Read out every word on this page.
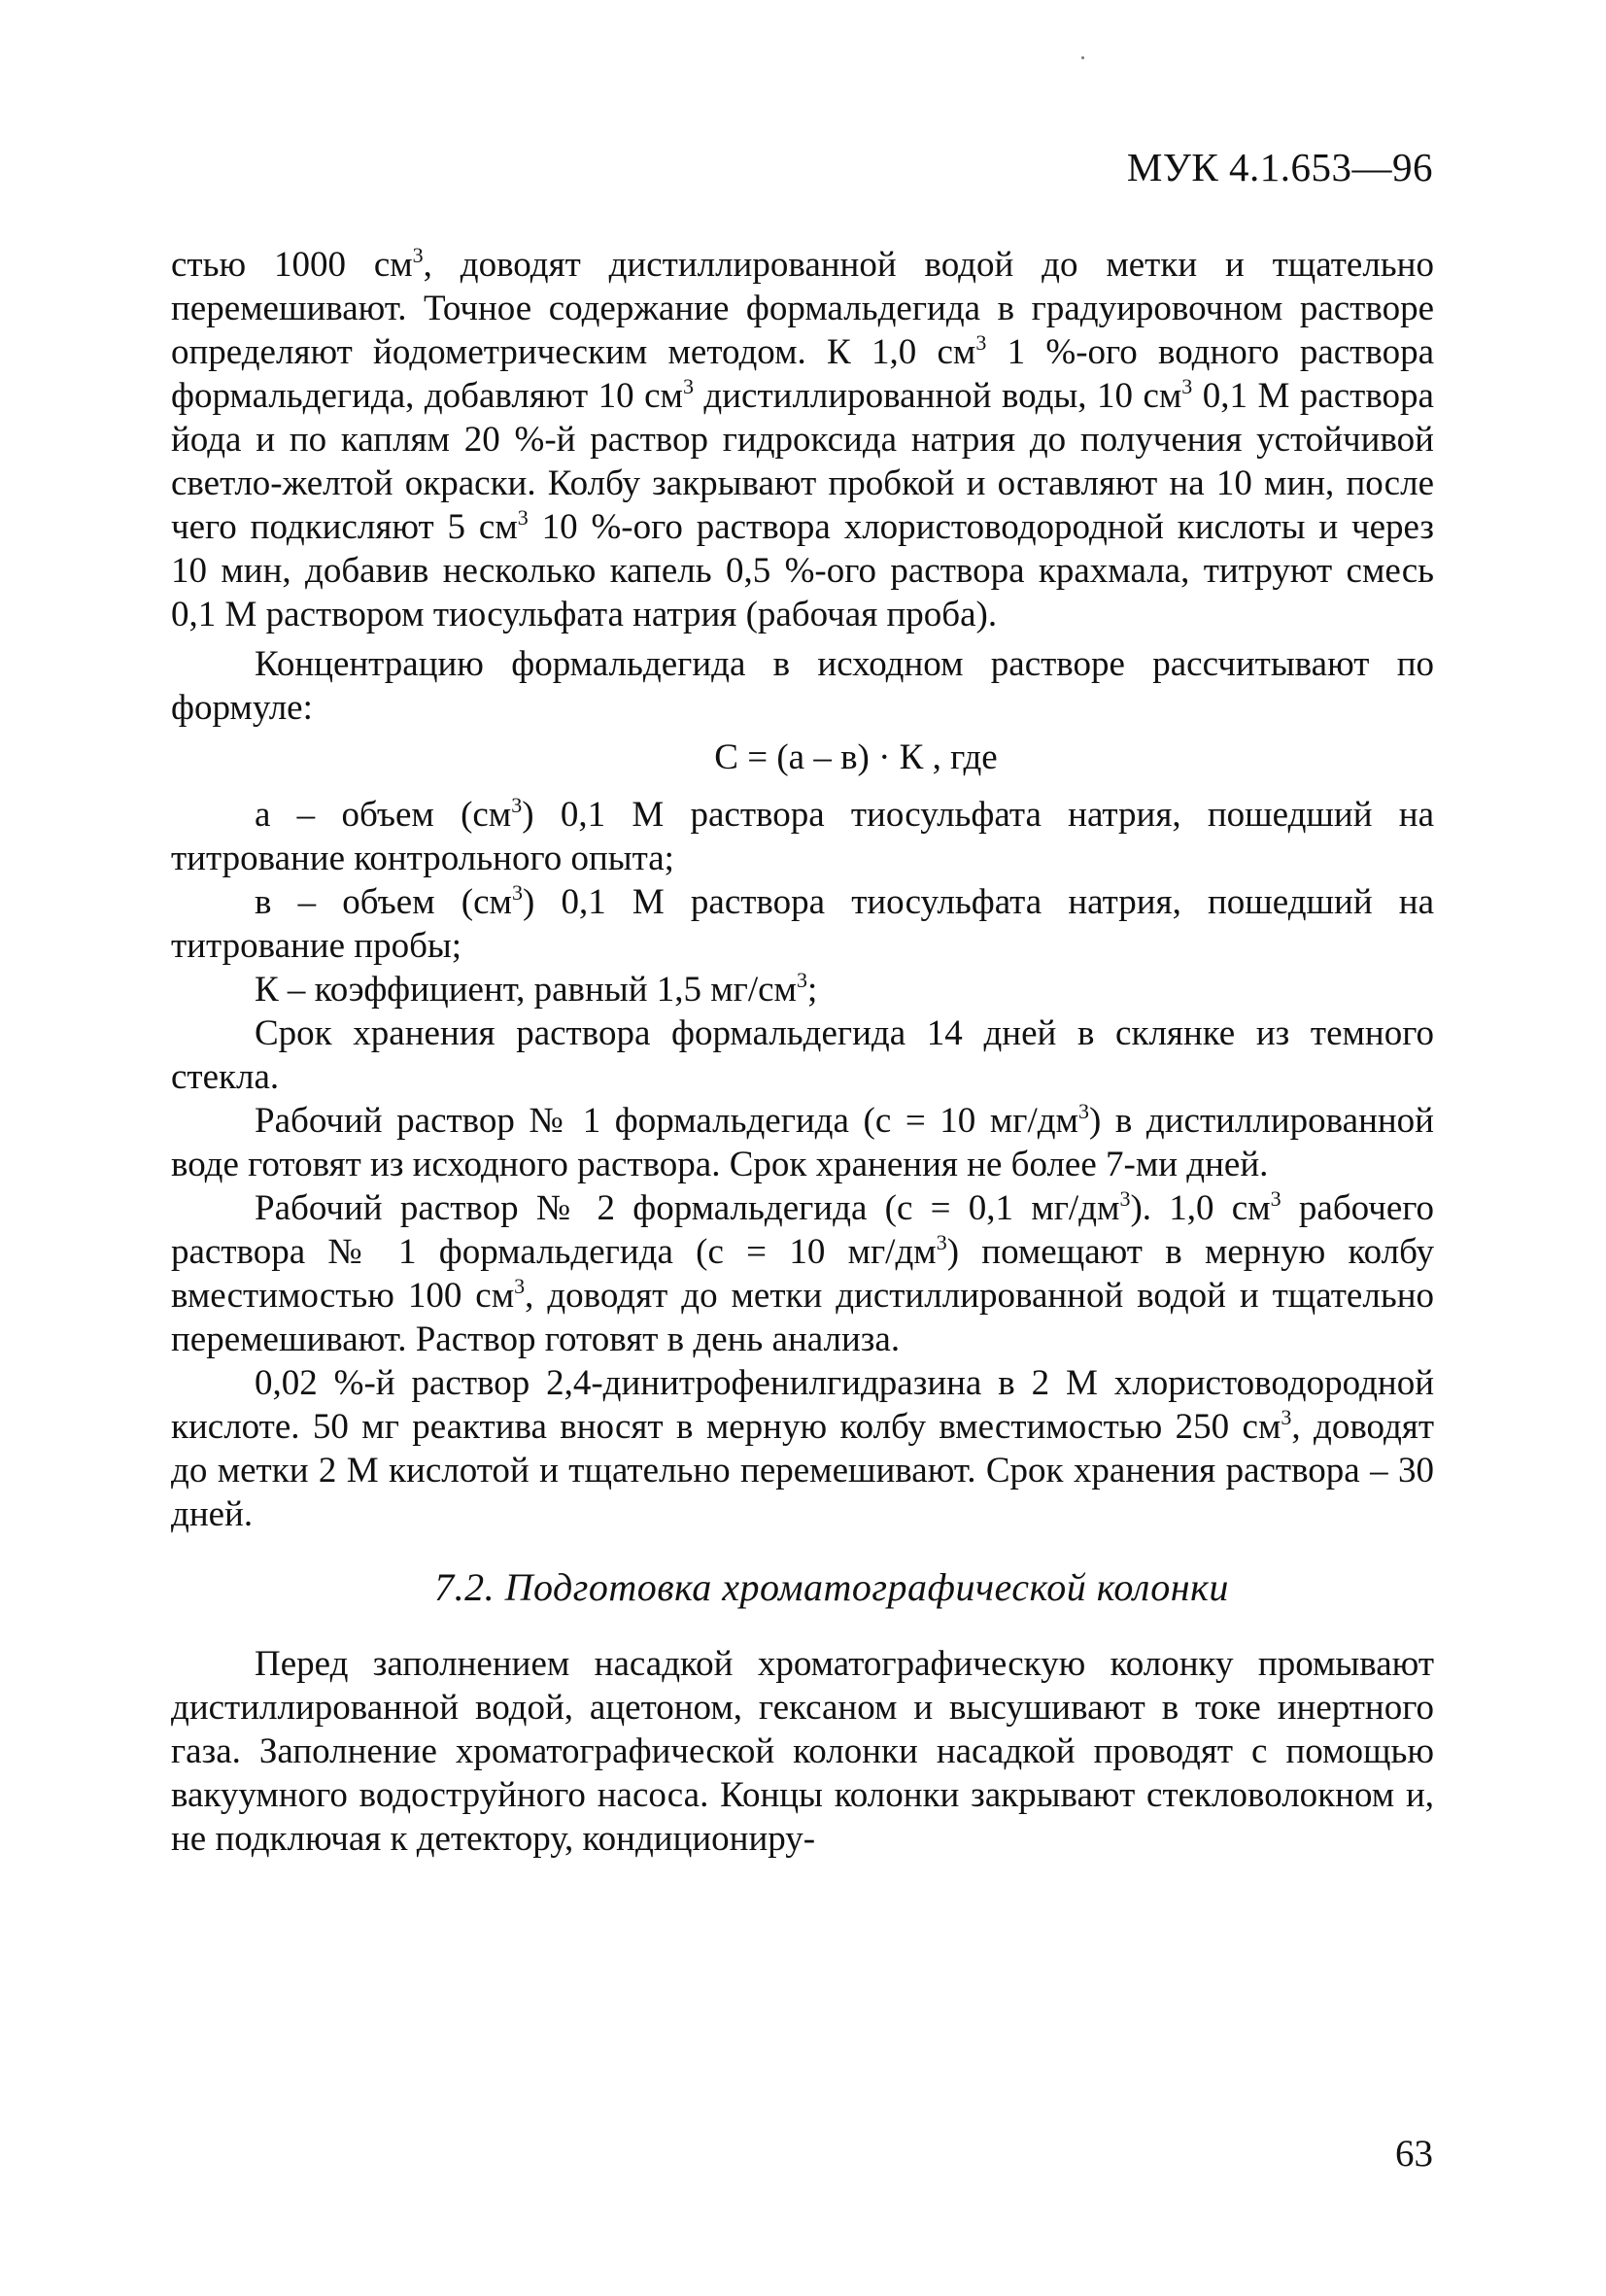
МУК 4.1.653—96

стью 1000 $см^3$, доводят дистиллированной водой до метки и тщательно перемешивают. Точное содержание формальдегида в градуировочном растворе определяют йодометрическим методом. К 1,0 $см^3$ 1 %-ого водного раствора формальдегида, добавляют 10 $см^3$ дистиллированной воды, 10 $см^3$ 0,1 М раствора йода и по каплям 20 %-й раствор гидроксида натрия до получения устойчивой светло-желтой окраски. Колбу закрывают пробкой и оставляют на 10 мин, после чего подкисляют 5 $см^3$ 10 %-ого раствора хлористоводородной кислоты и через 10 мин, добавив несколько капель 0,5 %-ого раствора крахмала, титруют смесь 0,1 М раствором тиосульфата натрия (рабочая проба).

Концентрацию формальдегида в исходном растворе рассчитывают по формуле:

С = (а – в) · К , где

а – объем $(см^3)$ 0,1 М раствора тиосульфата натрия, пошедший на титрование контрольного опыта;

в – объем $(см^3)$ 0,1 М раствора тиосульфата натрия, пошедший на титрование пробы;

К – коэффициент, равный 1,5 $мг/см^3$;

Срок хранения раствора формальдегида 14 дней в склянке из темного стекла.

Рабочий раствор № 1 формальдегида (с = 10 $мг/дм^3$) в дистиллированной воде готовят из исходного раствора. Срок хранения не более 7-ми дней.

Рабочий раствор № 2 формальдегида (с = 0,1 $мг/дм^3$). 1,0 $см^3$ рабочего раствора № 1 формальдегида (с = 10 $мг/дм^3$) помещают в мерную колбу вместимостью 100 $см^3$, доводят до метки дистиллированной водой и тщательно перемешивают. Раствор готовят в день анализа.

0,02 %-й раствор 2,4-динитрофенилгидразина в 2 М хлористоводородной кислоте. 50 мг реактива вносят в мерную колбу вместимостью 250 $см^3$, доводят до метки 2 М кислотой и тщательно перемешивают. Срок хранения раствора – 30 дней.

7.2. Подготовка хроматографической колонки

Перед заполнением насадкой хроматографическую колонку промывают дистиллированной водой, ацетоном, гексаном и высушивают в токе инертного газа. Заполнение хроматографической колонки насадкой проводят с помощью вакуумного водоструйного насоса. Концы колонки закрывают стекловолокном и, не подключая к детектору, кондициониру-

63
